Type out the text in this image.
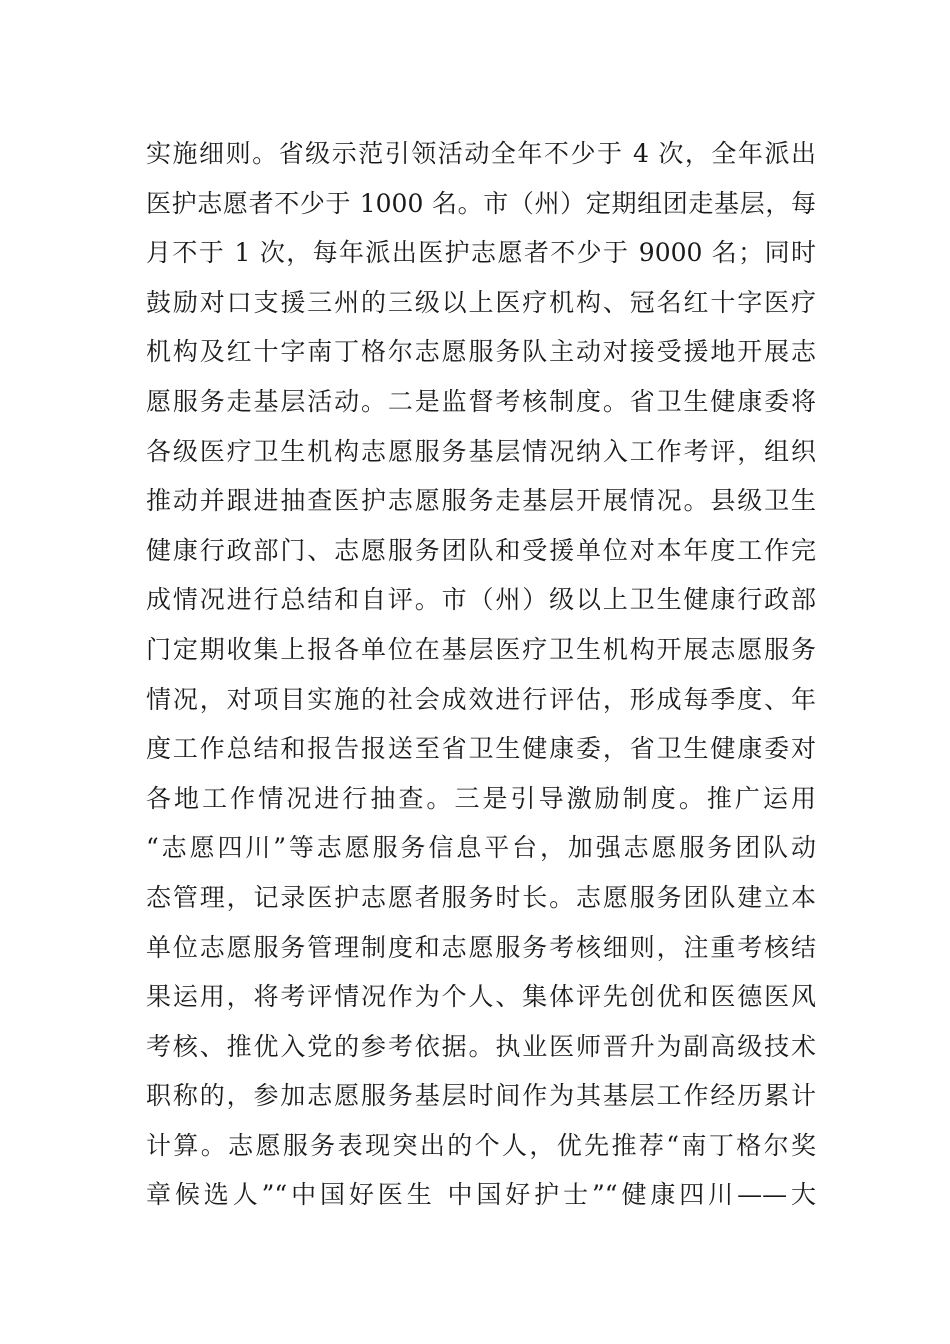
实施细则。省级示范引领活动全年不少于 4 次，全年派出
医护志愿者不少于 1000 名。市（州）定期组团走基层，每
月不于 1 次，每年派出医护志愿者不少于 9000 名；同时
鼓励对口支援三州的三级以上医疗机构、冠名红十字医疗
机构及红十字南丁格尔志愿服务队主动对接受援地开展志
愿服务走基层活动。二是监督考核制度。省卫生健康委将
各级医疗卫生机构志愿服务基层情况纳入工作考评，组织
推动并跟进抽查医护志愿服务走基层开展情况。县级卫生
健康行政部门、志愿服务团队和受援单位对本年度工作完
成情况进行总结和自评。市（州）级以上卫生健康行政部
门定期收集上报各单位在基层医疗卫生机构开展志愿服务
情况，对项目实施的社会成效进行评估，形成每季度、年
度工作总结和报告报送至省卫生健康委，省卫生健康委对
各地工作情况进行抽查。三是引导激励制度。推广运用
“志愿四川”等志愿服务信息平台，加强志愿服务团队动
态管理，记录医护志愿者服务时长。志愿服务团队建立本
单位志愿服务管理制度和志愿服务考核细则，注重考核结
果运用，将考评情况作为个人、集体评先创优和医德医风
考核、推优入党的参考依据。执业医师晋升为副高级技术
职称的，参加志愿服务基层时间作为其基层工作经历累计
计算。志愿服务表现突出的个人，优先推荐“南丁格尔奖
章候选人”“中国好医生 中国好护士”“健康四川——大
